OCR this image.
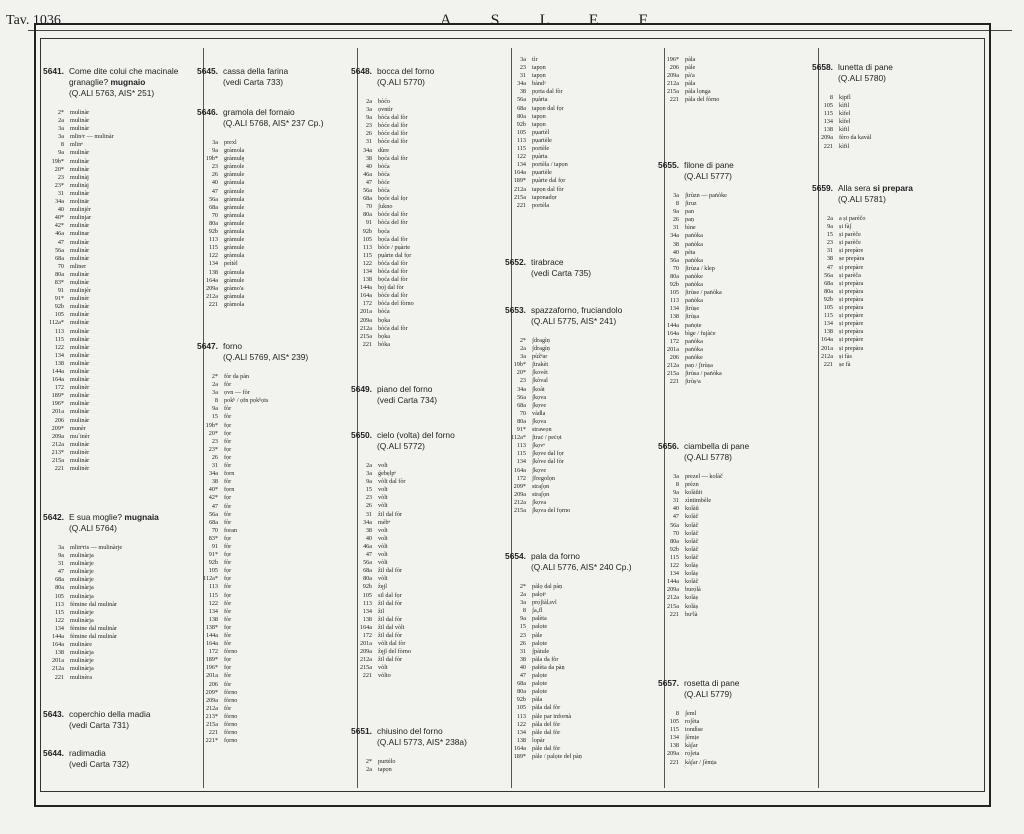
Tav. 1036	A S L E F
5641. Come dite colui che macinale granaglie? mugnaio
(Q.ALI 5763, AIS* 251)
2* mulinàr
2a mulinàr
3a mulinàr
3a mlīnᵃr — mulinàr
8 mlīnᵉ
9a mulinàr
19b* mulinàr
20* mulinàr
23 mulinàj
23* mulinàj
31 mulinàr
34a moḷinār
40 mulinjèr
40* mulinjar
42* mulinàr
46a mulinar
47 mulinàr
56a mulinàr
68a mulinàr
70 mlīner
80a mulinàr
83* mụlinàr
91 mulinjèr
91* mulinèr
92b mulinàr
105 mulinàr
112a* mulinàr
113 mulinàr
115 mulinàr
122 mulinàr
134 mulinàr
138 mulinàr
144a mulinàr
164a mulinàr
172 mulinèr
189* mulinàr
196* mulinàr
201a mulinàr
206 mulinàr
209* munèr
209a mu´inèr
212a mulinàr
213* mulinèr
215a mulinàr
221 mulinèr
5642. E sua moglie? mugnaia
(Q.ALI 5764)
3a mlīnᵉris — mulinàrje
9a mulinàrja
31 mulinàrje
47 mulinàrje
68a mulinàrje
80a mulinàrja
105 mulinàrja
113 fèmine dal mulinàr
115 mulinàrje
122 mulinàrja
134 fèmine dal mulinàr
144a fèmine dal mulinàr
164a mulinàre
138 mulinàrja
201a mulinàrje
212a mulinàrja
221 mulinèra
5643. coperchio della madia
(vedi Carta 731)
5644. radimadia
(vedi Carta 732)
5645. cassa della farina
(vedi Carta 733)
5646. gramola del fornaio
(Q.ALI 5768, AIS* 237 Cp.)
3a prexl
9a gràmola
19b* gràmulę
23 gràmole
26 gràmule
40 gràmula
47 gràmule
56a gràmula
68a gràmule
70 gràmula
80a gràmule
92b gràmula
113 gràmule
115 gràmule
122 gràmula
134 peìtèl
138 gràmula
164a gràmule
209a gràmo'a
212a gràmula
221 gràmola
5647. forno
(Q.ALI 5769, AIS* 239)
2* fòr da pàn
2a fòr
3a ọvn — fòr
8 poḱʰ / ọfn pọkʰọts
9a fòr
15 fòr
19b* fọr
20* fọr
23 fòr
23* fọr
26 fọr
31 fòr
34a forn
38 fòr
40* fọrn
42* fọr
47 fòr
56a fòr
68a fòr
70 foran
83* fọr
91 fòr
91* fọr
92b fòr
105 fọr
112a* fọr
113 fòr
115 fọr
122 fòr
134 fòr
138 fòr
138* fọr
144a fòr
164a fòr
172 fòrno
189* fọr
196* fọr
201a fòr
206 fòr
209* fòrno
209a fòrno
212a fòr
213* fòrno
215a fòrno
221 fòrno
221* fọrno
5648. bocca del forno
(Q.ALI 5770)
2a bòćo
3a ọvntìr
9a bòća dal fòr
23 bòće dal fòr
26 bòće dal fòr
31 bòće dal fòr
34a dùre
38 bọća dal fòr
40 bòća
46a bòća
47 bòće
56a bòća
68a bọće dal fọr
70 ʃukno
80a bòće dal fòr
91 bòća del fòr
92b bọća
105 bọća dal fòr
113 bòće / pụàrte
115 pụàrte dal fọr
122 bòća dal fòr
134 bòća dal fòr
138 bọća dal fòr
144a bọ́j dal fòr
164a bòće dal fòr
172 bòća del fòrno
201a bòća
209a bọka
212a bòća dal fòr
215a bọka
221 bòka
5649. piano del forno
(vedi Carta 734)
5650. cielo (volta) del forno
(Q.ALI 5772)
2a volt
3a ǵebẹlpᵉ
9a vòlt dal fòr
15 volt
23 vòlt
26 vòlt
31 ẑil dal fòr
34a mèbᵉ
38 volt
40 volt
46a vòlt
47 volt
56a vòlt
68a ẑil dal fòr
80a vòlt
92b ẑęjl
105 sil dal fọr
113 ẑil dal fòr
134 ẑil
138 ẑil dal fòr
164a ẑil dal vòlt
172 ẑil dal fòr
201a vòlt dal fòr
209a ẑęjl del fòrno
212a ẑil dal fòr
215a vòlt
221 vòlto
5651. chiusino del forno
(Q.ALI 5773, AIS* 238a)
2* purtèlo
2a tapọn
3a tìr
23 tapọn
31 tapọn
34a bàndᵃ
38 pọrta dal fòr
56a pụàrta
68a tapọn dal fọr
80a tapọn
92b tapọn
105 pụartèl
113 pụartèle
115 portèle
122 pụàrta
134 portèla / tapọn
164a pụartèle
189* pụàrte dal fọr
212a tapọn dal fòr
215a taponadọr
221 portèla
5652. tirabrace
(vedi Carta 735)
5653. spazzaforno, fruciandolo
(Q.ALI 5775, AIS* 241)
2* ʃdragìṇ
2a ʃdragìṇ
3a pùẑᵉar
19b* ʃtrakèt
20* ʃkovèt
23 ʃkòval
34a ʃkoàt
56a ʃkọva
68a ʃkọve
70 vàdla
80a ʃkọva
91* strawọn
112a* ʃtraċ / peċọt
113 ʃkọvᵉ
115 ʃkọve dal fọr
134 ʃkòve dal fòr
164a ʃkọve
172 ʃfregolọn
209* straʃọn
209a straʃọn
212a ʃkọva
215a ʃkọva del fọrno
5654. pala da forno
(Q.ALI 5776, AIS* 240 Cp.)
2* pàlọ dal pàṇ
2a palọtᵒ
3a prọ́ʃtàlᵢsvl
8 ʃaᵤfl
9a palèta
15 palọte
23 pàle
26 palọte
31 ʃpàtule
38 pàla da fòr
40 palèta da pàṇ
47 palọte
68a palọte
80a palọte
92b pàla
105 pàla dal fòr
113 pàle par infornà
122 pàla del fòr
134 pàle dal fòr
138 lopàr
164a pàle dal fòr
189* pàle / palọte del pàṇ
196* pàla
206 pàle
209a pà'a
212a pàla
215a pàla lọnga
221 pàla del fòrno
5655. filone di pane
(Q.ALI 5777)
3a ʃtrùzn — paṅòke
8 ʃtruz
9a pan
26 paṇ
31 bìne
34a paṅòka
38 paṅòka
40 pèta
56a paṅòka
70 ʃtrùza / klep
80a paṅòke
92b paṅòka
105 ʃtrùse / paṅòka
113 paṅòka
134 ʃtrùṣe
138 ʃtrùṣa
144a paṅọte
164a bìge / fujàċe
172 paṅòka
201a paṅòka
206 paṅòke
212a paṇ / ʃtrùṣa
215a ʃtrùsa / paṅòka
221 ʃtrùṣᵃa
5656. ciambella di pane
(Q.ALI 5778)
3a prezel — kolàč
8 prèzn
9a kolàǘit
31 zìntimbèle
40 kolàǘ
47 kolàč
56a kolàč
70 kolàč
80a kolàč
92b kolàč
115 kolàč
122 kolàṣ
134 kolàṣ
144a kolàč
209a burọ̀là
212a kolàṣ
215a kolàṣ
221 buᵒlà
5657. rosetta di pane
(Q.ALI 5779)
8 ʃeml
105 roʃèta
115 tondìse
134 ʃèmịe
138 kàʃar
209a rọ́ʃeta
221 kàʃar / ʃèmịa
5658. lunetta di pane
(Q.ALI 5780)
8 kịpfl
105 kìfil
115 kìfel
134 kìfel
138 kìfil
209a fèro da kavàl
221 kìfil
5659. Alla sera si prepara
(Q.ALI 5781)
2a a ṣi parèčo
9a ṣi fàʃ
15 ṣi parèče
23 ṣi parèče
31 ṣi prepàre
38 ṣe prepàra
47 ṣi prepàre
56a ṣi parèča
68a ṣi prepàra
80a ṣi prepàra
92b ṣi prepàra
105 ṣi prepàra
115 ṣi prepàre
134 ṣi prepàre
138 ṣi prepàra
164a ṣi prepàre
201a ṣi prepàra
212a ṣi fàs
221 ṣe fà
